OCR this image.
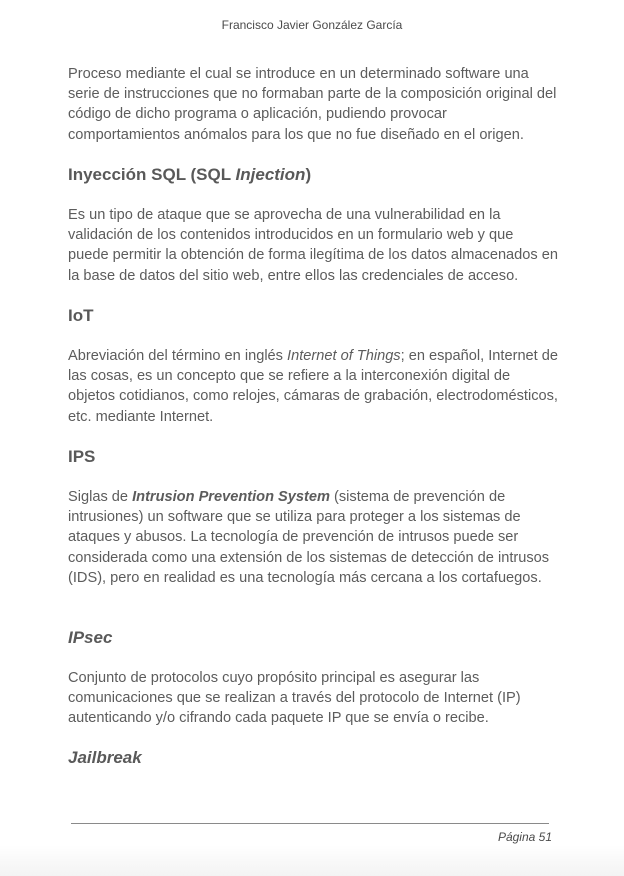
Francisco Javier González García

Proceso mediante el cual se introduce en un determinado software una serie de instrucciones que no formaban parte de la composición original del código de dicho programa o aplicación, pudiendo provocar comportamientos anómalos para los que no fue diseñado en el origen.

Inyección SQL (SQL Injection)

Es un tipo de ataque que se aprovecha de una vulnerabilidad en la validación de los contenidos introducidos en un formulario web y que puede permitir la obtención de forma ilegítima de los datos almacenados en la base de datos del sitio web, entre ellos las credenciales de acceso.

IoT

Abreviación del término en inglés Internet of Things; en español, Internet de las cosas, es un concepto que se refiere a la interconexión digital de objetos cotidianos, como relojes, cámaras de grabación, electrodomésticos, etc. mediante Internet.

IPS

Siglas de Intrusion Prevention System (sistema de prevención de intrusiones) un software que se utiliza para proteger a los sistemas de ataques y abusos. La tecnología de prevención de intrusos puede ser considerada como una extensión de los sistemas de detección de intrusos (IDS), pero en realidad es una tecnología más cercana a los cortafuegos.

IPsec

Conjunto de protocolos cuyo propósito principal es asegurar las comunicaciones que se realizan a través del protocolo de Internet (IP) autenticando y/o cifrando cada paquete IP que se envía o recibe.

Jailbreak
Página 51
